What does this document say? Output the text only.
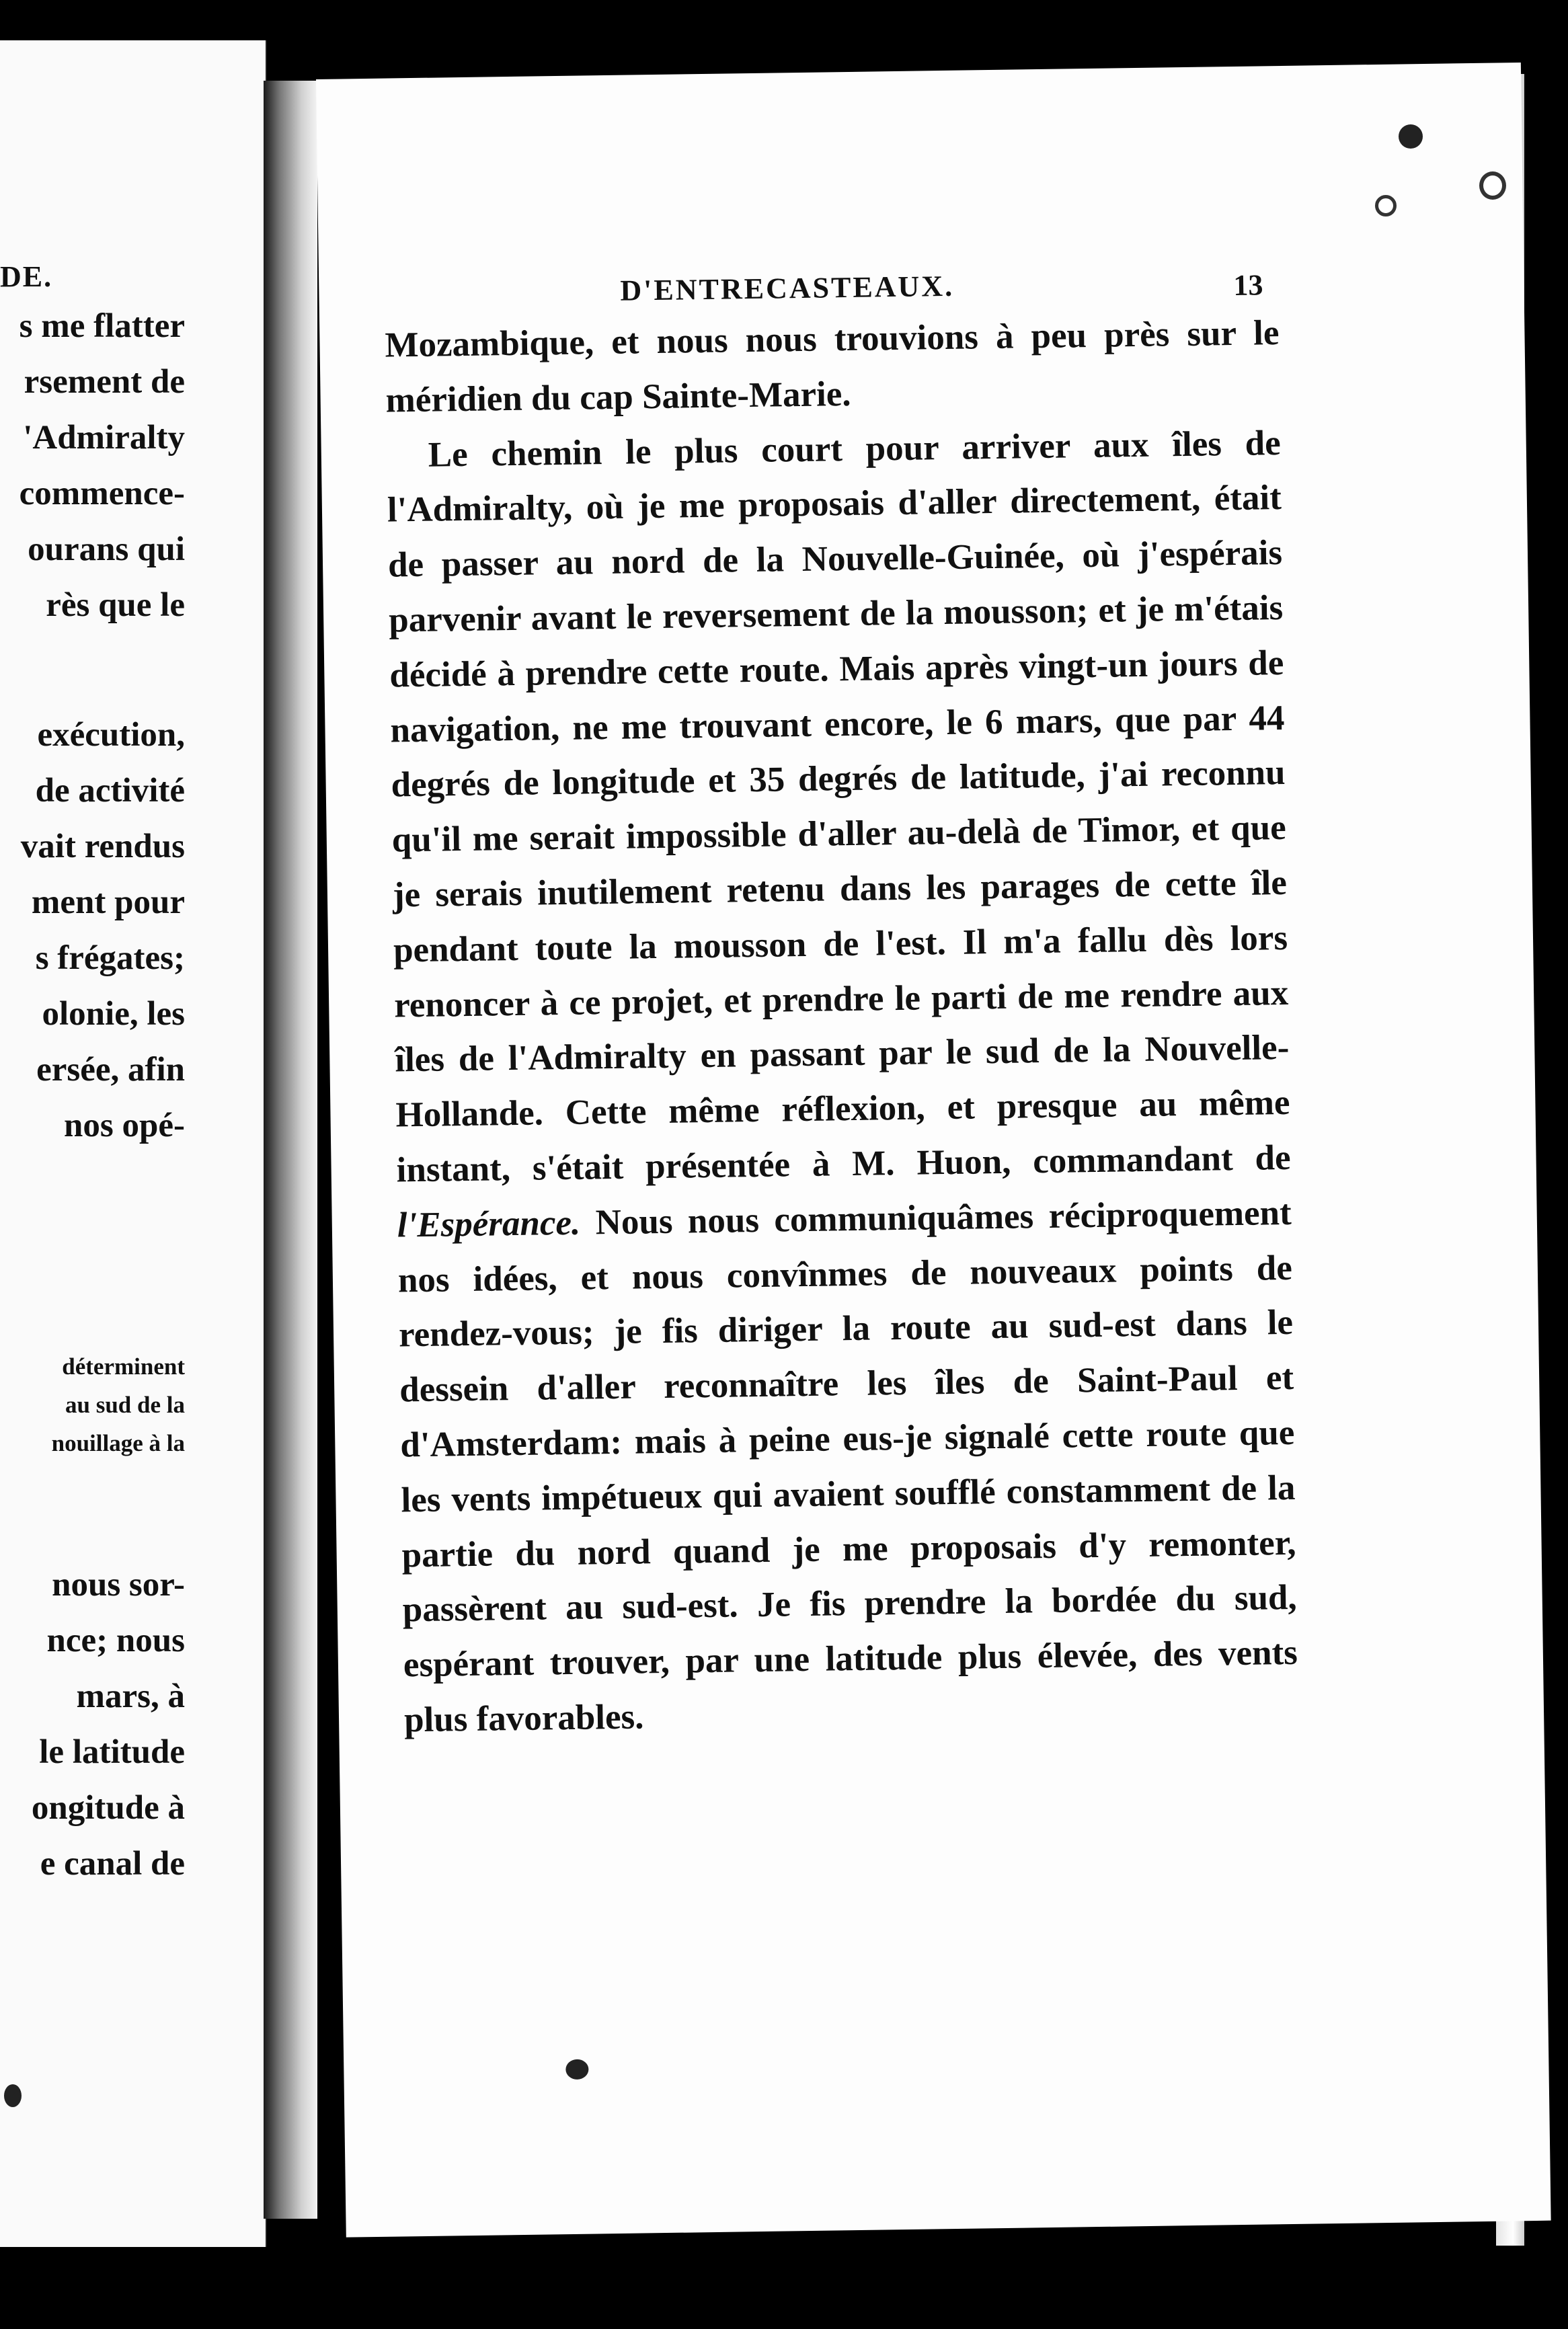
DE.
s me flatter
rsement de
'Admiralty
commence-
ourans qui
rès que le
exécution,
de activité
vait rendus
ment pour
s frégates;
olonie, les
ersée, afin
nos opé-
déterminent
au sud de la
nouillage à la
nous sor-
nce; nous
mars, à
le latitude
ongitude à
e canal de
D'ENTRECASTEAUX.	13

Mozambique, et nous nous trouvions à peu près sur le méridien du cap Sainte-Marie.

Le chemin le plus court pour arriver aux îles de l'Admiralty, où je me proposais d'aller directement, était de passer au nord de la Nouvelle-Guinée, où j'espérais parvenir avant le reversement de la mousson; et je m'étais décidé à prendre cette route. Mais après vingt-un jours de navigation, ne me trouvant encore, le 6 mars, que par 44 degrés de longitude et 35 degrés de latitude, j'ai reconnu qu'il me serait impossible d'aller au-delà de Timor, et que je serais inutilement retenu dans les parages de cette île pendant toute la mousson de l'est. Il m'a fallu dès lors renoncer à ce projet, et prendre le parti de me rendre aux îles de l'Admiralty en passant par le sud de la Nouvelle-Hollande. Cette même réflexion, et presque au même instant, s'était présentée à M. Huon, commandant de l'Espérance. Nous nous communiquâmes réciproquement nos idées, et nous convînmes de nouveaux points de rendez-vous; je fis diriger la route au sud-est dans le dessein d'aller reconnaître les îles de Saint-Paul et d'Amsterdam: mais à peine eus-je signalé cette route que les vents impétueux qui avaient soufflé constamment de la partie du nord quand je me proposais d'y remonter, passèrent au sud-est. Je fis prendre la bordée du sud, espérant trouver, par une latitude plus élevée, des vents plus favorables.
